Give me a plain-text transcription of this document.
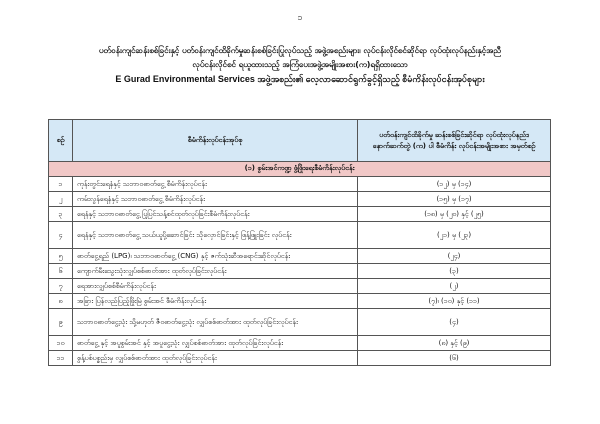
၁
ပတ်ဝန်းကျင်ဆန်းစစ်ခြင်းနှင့် ပတ်ဝန်းကျင်ထိခိုက်မှုဆန်းစစ်ခြင်းပြုလုပ်သည့် အဖွဲ့အစည်းများ၊ လုပ်ငန်းလိုင်စင်ဆိုင်ရာ လုပ်ထုံးလုပ်နည်းနှင့်အညီ
လုပ်ငန်းလိုင်စင် ရယူထားသည့် အကြံပေးအဖွဲ့အမျိုးအစား(က)ရရှိထားသော
E Gurad Environmental Services အဖွဲ့အစည်း၏ လေ့လာဆောင်ရွက်ခွင့်ရှိသည့် စီမံကိန်းလုပ်ငန်းအုပ်စုများ
စဉ်	စီမံကိန်းလုပ်ငန်းအုပ်စု	ပတ်ဝန်းကျင်ထိခိုက်မှု ဆန်းစစ်ခြင်းဆိုင်ရာ လုပ်ထုံးလုပ်နည်း၊ နောက်ဆက်တွဲ (က) ပါ စီမံကိန်း လုပ်ငန်းအမျိုးအစား အမှတ်စဉ်
(၁) စွမ်းအင်ကဏ္ဍ ဖွံ့ဖြိုးရေးစီမံကိန်းလုပ်ငန်း		
၁	ကုန်းတွင်းရေနံနှင့် သဘာဝဓာတ်ငွေ့ စီမံကိန်းလုပ်ငန်း	(၁၂) မှ (၁၄)
၂	ကမ်းလွန်ရေနံနှင့် သဘာဝဓာတ်ငွေ့ စီမံကိန်းလုပ်ငန်း	(၁၅) မှ (၁၇)
၃	ရေနံနှင့် သဘာဝဓာတ်ငွေ့ ပြုပြင်သန့်စင်ထုတ်လုပ်ခြင်းစီမံကိန်းလုပ်ငန်း	(၁၈) မှ (၂၀) နှင့် (၂၅)
၄	ရေနံနှင့် သဘာဝဓာတ်ငွေ့ သယ်ယူပို့ဆောင်ခြင်း သိုလှောင်ခြင်းနှင့် ဖြန့်ဖြူးခြင်း လုပ်ငန်း	(၂၁) မှ (၂၃)
၅	ဓာတ်ငွေ့ရည် (LPG)၊ သဘာဝဓာတ်ငွေ့ (CNG) နှင့် ဇက်သုံးဆီအရောင်းဆိုင်လုပ်ငန်း	(၂၄)
၆	ကျောက်မီးသွေးသုံးလျှပ်စစ်ဓာတ်အား ထုတ်လုပ်ခြင်းလုပ်ငန်း	(၃)
၇	ရေအားလျှပ်စစ်စီမံကိန်းလုပ်ငန်း	(၂)
၈	အခြား ပြန်လည်ပြည့်ဖြိုးမြဲ စွမ်းအင် စီမံကိန်းလုပ်ငန်း	(၇)၊ (၁၀) နှင့် (၁၁)
၉	သဘာဝဓာတ်ငွေ့သုံး သို့မဟုတ် ဇီဝဓာတ်ငွေ့သုံး လျှပ်စစ်ဓာတ်အား ထုတ်လုပ်ခြင်းလုပ်ငန်း	(၄)
၁၀	ဓာတ်ငွေ့ နှင့် အပူစွမ်းအင် နှင့် အပူငွေ့သုံး လျှပ်စစ်ဓာတ်အား ထုတ်လုပ်ခြင်းလုပ်ငန်း	(၈) နှင့် (၉)
၁၁	စွန့်ပစ်ပစ္စည်းမှ လျှပ်စစ်ဓာတ်အား ထုတ်လုပ်ခြင်းလုပ်ငန်း	(၆)
